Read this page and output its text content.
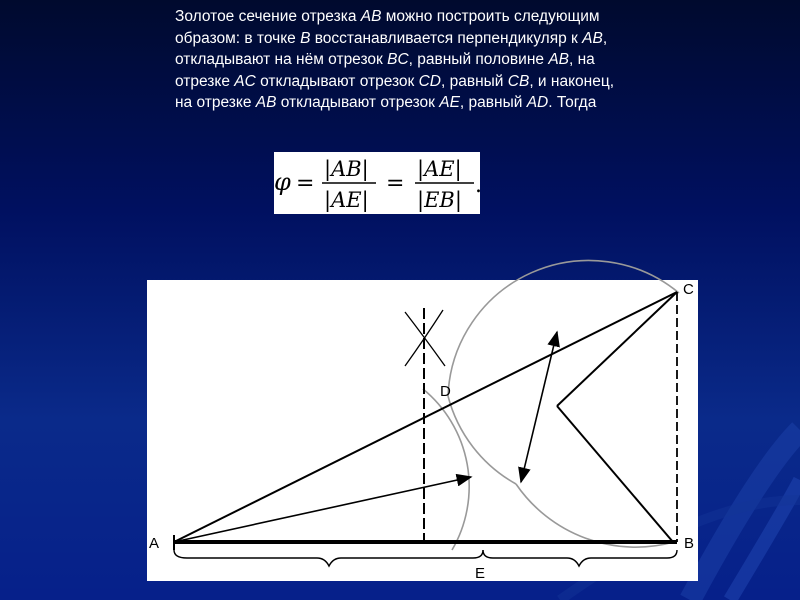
Золотое сечение отрезка AB можно построить следующим образом: в точке B восстанавливается перпендикуляр к AB, откладывают на нём отрезок BC, равный половине AB, на отрезке AC откладывают отрезок CD, равный CB, и наконец, на отрезке AB откладывают отрезок AE, равный AD. Тогда
φ =
|AB|
|AE|
=
|AE|
|EB|
.
A	B
C
D
E
